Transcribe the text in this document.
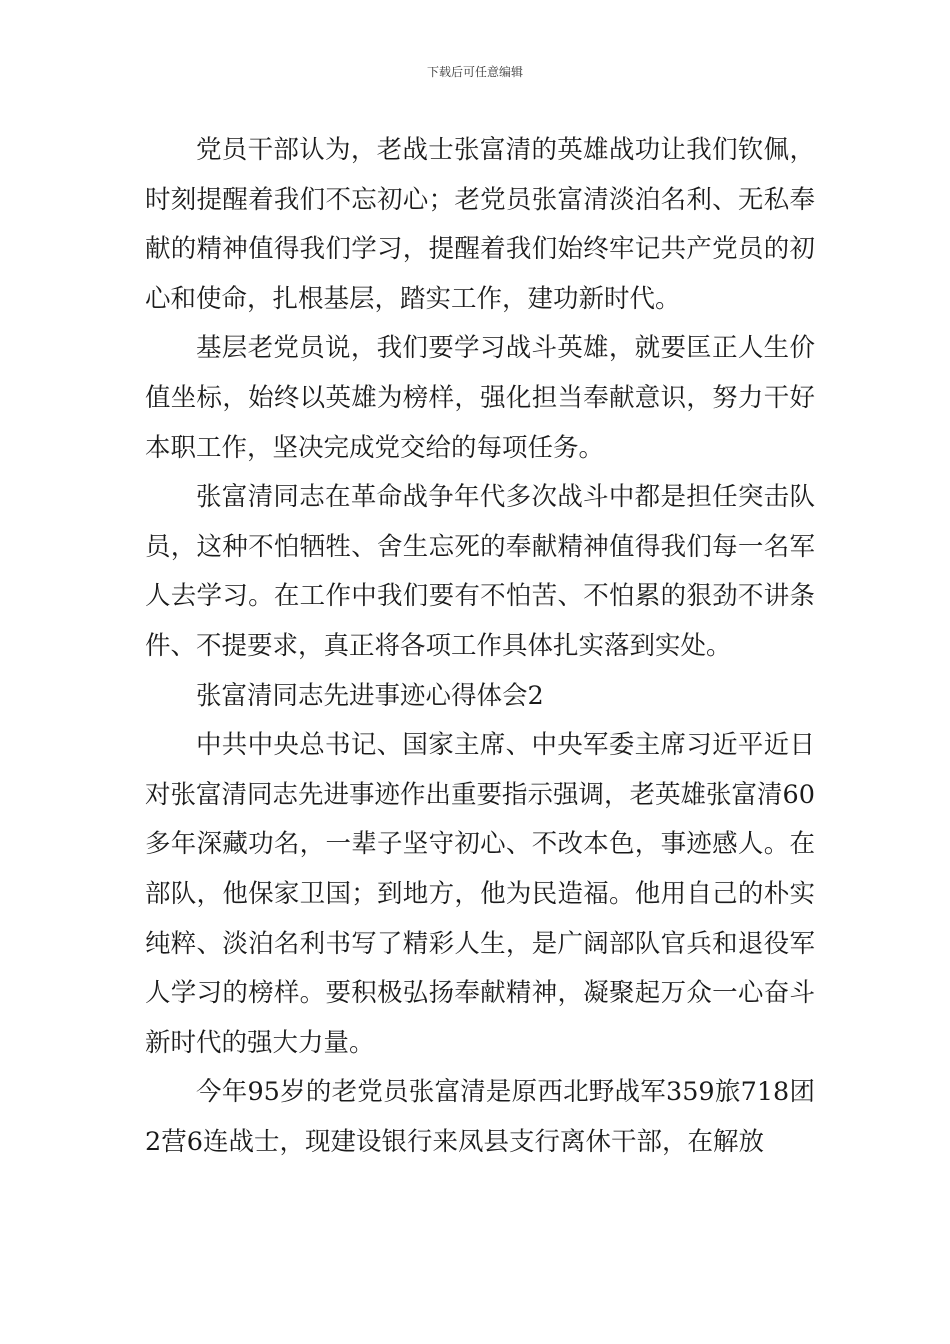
下载后可任意编辑

党员干部认为，老战士张富清的英雄战功让我们钦佩，时刻提醒着我们不忘初心；老党员张富清淡泊名利、无私奉献的精神值得我们学习，提醒着我们始终牢记共产党员的初心和使命，扎根基层，踏实工作，建功新时代。

基层老党员说，我们要学习战斗英雄，就要匡正人生价值坐标，始终以英雄为榜样，强化担当奉献意识，努力干好本职工作，坚决完成党交给的每项任务。

张富清同志在革命战争年代多次战斗中都是担任突击队员，这种不怕牺牲、舍生忘死的奉献精神值得我们每一名军人去学习。在工作中我们要有不怕苦、不怕累的狠劲不讲条件、不提要求，真正将各项工作具体扎实落到实处。

张富清同志先进事迹心得体会2

中共中央总书记、国家主席、中央军委主席习近平近日对张富清同志先进事迹作出重要指示强调，老英雄张富清60多年深藏功名，一辈子坚守初心、不改本色，事迹感人。在部队，他保家卫国；到地方，他为民造福。他用自己的朴实纯粹、淡泊名利书写了精彩人生，是广阔部队官兵和退役军人学习的榜样。要积极弘扬奉献精神，凝聚起万众一心奋斗新时代的强大力量。

今年95岁的老党员张富清是原西北野战军359旅718团2营6连战士，现建设银行来凤县支行离休干部，在解放
